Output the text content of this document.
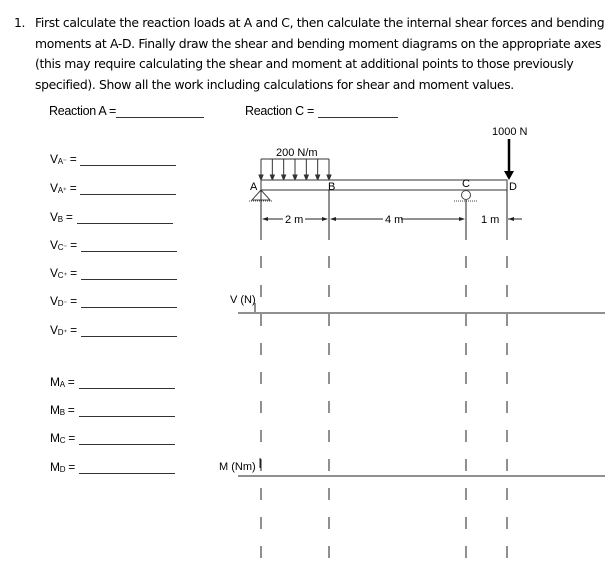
1. First calculate the reaction loads at A and C, then calculate the internal shear forces and bending moments at A-D. Finally draw the shear and bending moment diagrams on the appropriate axes (this may require calculating the shear and moment at additional points to those previously specified). Show all the work including calculations for shear and moment values.
Reaction A =	Reaction C =
$V_{A^-}$ =
$V_{A^+}$ =
$V_B$ =
$V_{C^-}$ =
$V_{C^+}$ =
$V_{D^-}$ =
$V_{D^+}$ =
$M_A$ =
$M_B$ =
$M_C$ =
$M_D$ =
200 N/m
1000 N
A	B	C	D
2 m	4 m	1 m
V (N)
M (Nm)
